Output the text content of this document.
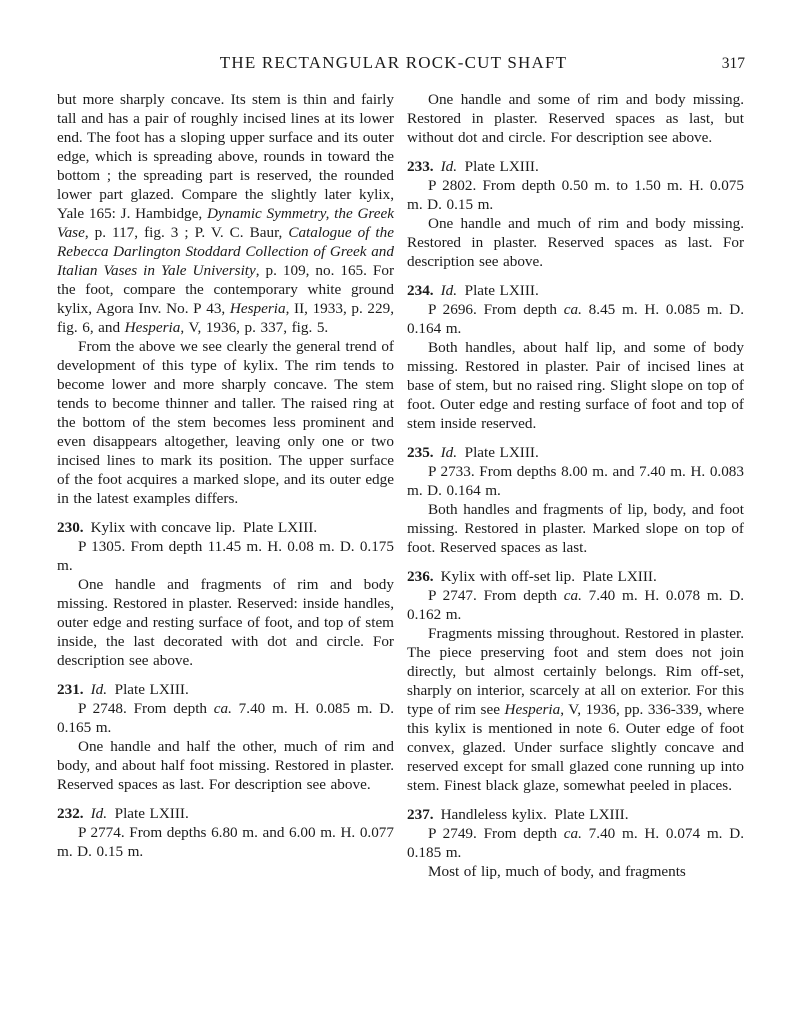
THE RECTANGULAR ROCK-CUT SHAFT	317

but more sharply concave. Its stem is thin and fairly tall and has a pair of roughly incised lines at its lower end. The foot has a sloping upper surface and its outer edge, which is spreading above, rounds in toward the bottom ; the spreading part is reserved, the rounded lower part glazed. Compare the slightly later kylix, Yale 165: J. Hambidge, Dynamic Symmetry, the Greek Vase, p. 117, fig. 3 ; P. V. C. Baur, Catalogue of the Rebecca Darlington Stoddard Collection of Greek and Italian Vases in Yale University, p. 109, no. 165. For the foot, compare the contemporary white ground kylix, Agora Inv. No. P 43, Hesperia, II, 1933, p. 229, fig. 6, and Hesperia, V, 1936, p. 337, fig. 5.

From the above we see clearly the general trend of development of this type of kylix. The rim tends to become lower and more sharply concave. The stem tends to become thinner and taller. The raised ring at the bottom of the stem becomes less prominent and even disappears altogether, leaving only one or two incised lines to mark its position. The upper surface of the foot acquires a marked slope, and its outer edge in the latest examples differs.

230. Kylix with concave lip. Plate LXIII.

P 1305. From depth 11.45 m. H. 0.08 m. D. 0.175 m.

One handle and fragments of rim and body missing. Restored in plaster. Reserved: inside handles, outer edge and resting surface of foot, and top of stem inside, the last decorated with dot and circle. For description see above.

231. Id. Plate LXIII.

P 2748. From depth ca. 7.40 m. H. 0.085 m. D. 0.165 m.

One handle and half the other, much of rim and body, and about half foot missing. Restored in plaster. Reserved spaces as last. For description see above.

232. Id. Plate LXIII.

P 2774. From depths 6.80 m. and 6.00 m. H. 0.077 m. D. 0.15 m.

One handle and some of rim and body missing. Restored in plaster. Reserved spaces as last, but without dot and circle. For description see above.

233. Id. Plate LXIII.

P 2802. From depth 0.50 m. to 1.50 m. H. 0.075 m. D. 0.15 m.

One handle and much of rim and body missing. Restored in plaster. Reserved spaces as last. For description see above.

234. Id. Plate LXIII.

P 2696. From depth ca. 8.45 m. H. 0.085 m. D. 0.164 m.

Both handles, about half lip, and some of body missing. Restored in plaster. Pair of incised lines at base of stem, but no raised ring. Slight slope on top of foot. Outer edge and resting surface of foot and top of stem inside reserved.

235. Id. Plate LXIII.

P 2733. From depths 8.00 m. and 7.40 m. H. 0.083 m. D. 0.164 m.

Both handles and fragments of lip, body, and foot missing. Restored in plaster. Marked slope on top of foot. Reserved spaces as last.

236. Kylix with off-set lip. Plate LXIII.

P 2747. From depth ca. 7.40 m. H. 0.078 m. D. 0.162 m.

Fragments missing throughout. Restored in plaster. The piece preserving foot and stem does not join directly, but almost certainly belongs. Rim off-set, sharply on interior, scarcely at all on exterior. For this type of rim see Hesperia, V, 1936, pp. 336-339, where this kylix is mentioned in note 6. Outer edge of foot convex, glazed. Under surface slightly concave and reserved except for small glazed cone running up into stem. Finest black glaze, somewhat peeled in places.

237. Handleless kylix. Plate LXIII.

P 2749. From depth ca. 7.40 m. H. 0.074 m. D. 0.185 m.

Most of lip, much of body, and fragments
